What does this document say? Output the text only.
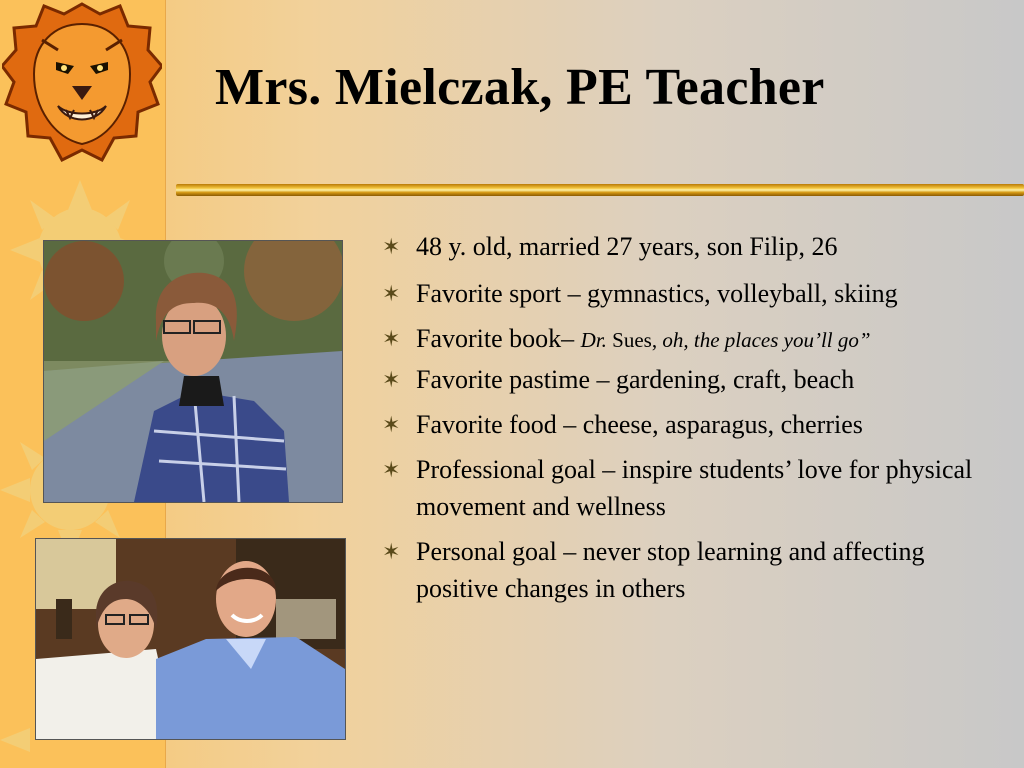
Mrs. Mielczak, PE Teacher
✶ 48 y. old, married 27 years, son Filip, 26
✶ Favorite sport – gymnastics, volleyball, skiing
✶ Favorite book– Dr. Sues, oh, the places you’ll go”
✶ Favorite pastime – gardening, craft, beach
✶ Favorite food – cheese, asparagus, cherries
✶ Professional goal – inspire students’ love for physical movement and wellness
✶ Personal goal – never stop learning and affecting positive changes in others
